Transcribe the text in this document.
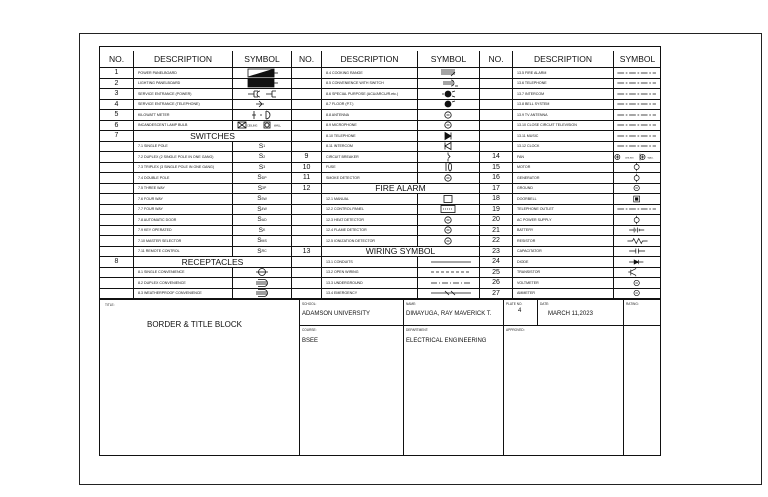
NO.	DESCRIPTION	SYMBOL
1	POWER PANELBOARD
2	LIGHTING PANELBOARD
3	SERVICE ENTRANCE (POWER)
4	SERVICE ENTRANCE (TELEPHONE)
5	KILOWATT METER
6	INCANDESCENT LAMP BULB	CEILING	WALL
7	SWITCHES
7.1 SINGLE POLE	S 1
7.2 DUPLEX (2 SINGLE POLE IN ONE GANG)	S 2
7.3 TRIPLEX (3 SINGLE POLE IN ONE GANG)	S 3
7.4 DOUBLE POLE	S DP
7.5 THREE WAY	S 3P
7.6 FOUR WAY	S 3W
7.7 FOUR WAY	S 4W
7.8 AUTOMATIC DOOR	S AD
7.9 KEY OPERATED	S K
7.10 MASTER SELECTOR	S MS
7.11 REMOTE CONTROL	S RC
8	RECEPTACLES
8.1 SINGLE CONVENIENCE
8.2 DUPLEX CONVENIENCE
8.3 WEATHERPROOF CONVENIENCE
NO.	DESCRIPTION	SYMBOL
8.4 COOKING RANGE
8.5 CONVENIENCE WITH SWITCH
8.6 SPECIAL PURPOSE (ACU/ARCU/R.etc.)
8.7 FLOOR (P.T.)
8.8 ANTENNA
8.9 MICROPHONE
8.10 TELEPHONE
8.11 INTERCOM
9	CIRCUIT BREAKER
10	FUSE
11	SMOKE DETECTOR
12	FIRE ALARM
12.1 MANUAL
12.2 CONTROL PANEL
12.3 HEAT DETECTOR
12.4 FLAME DETECTOR
12.5 IONIZATION DETECTOR
13	WIRING SYMBOL
13.1 CONDUITS
13.2 OPEN WIRING
13.3 UNDERGROUND
13.4 EMERGENCY
NO.	DESCRIPTION	SYMBOL
13.5 FIRE ALARM
13.6 TELEPHONE
13.7 INTERCOM
13.8 BELL SYSTEM
13.9 TV ANTENNA
13.10 CLOSE CIRCUIT TELEVISION
13.11 MUSIC
13.12 CLOCK
14	FAN	CEILING	WALL
15	MOTOR
16	GENERATOR
17	GROUND
18	DOORBELL
19	TELEPHONE OUTLET
20	AC POWER SUPPLY
21	BATTERY
22	RESISTOR
23	CAPACITATOR
24	DIODE
25	TRANSISTOR
26	VOLTMETER
27	AMMETER
TITLE:
BORDER & TITLE BLOCK
SCHOOL:
ADAMSON UNIVERSITY
NAME:
DIMAYUGA, RAY MAVERICK T.
PLATE NO.
4
DATE:
MARCH 11,2023
RATING:
COURSE:
BSEE
DEPARTMENT:
ELECTRICAL ENGINEERING
APPROVED:
